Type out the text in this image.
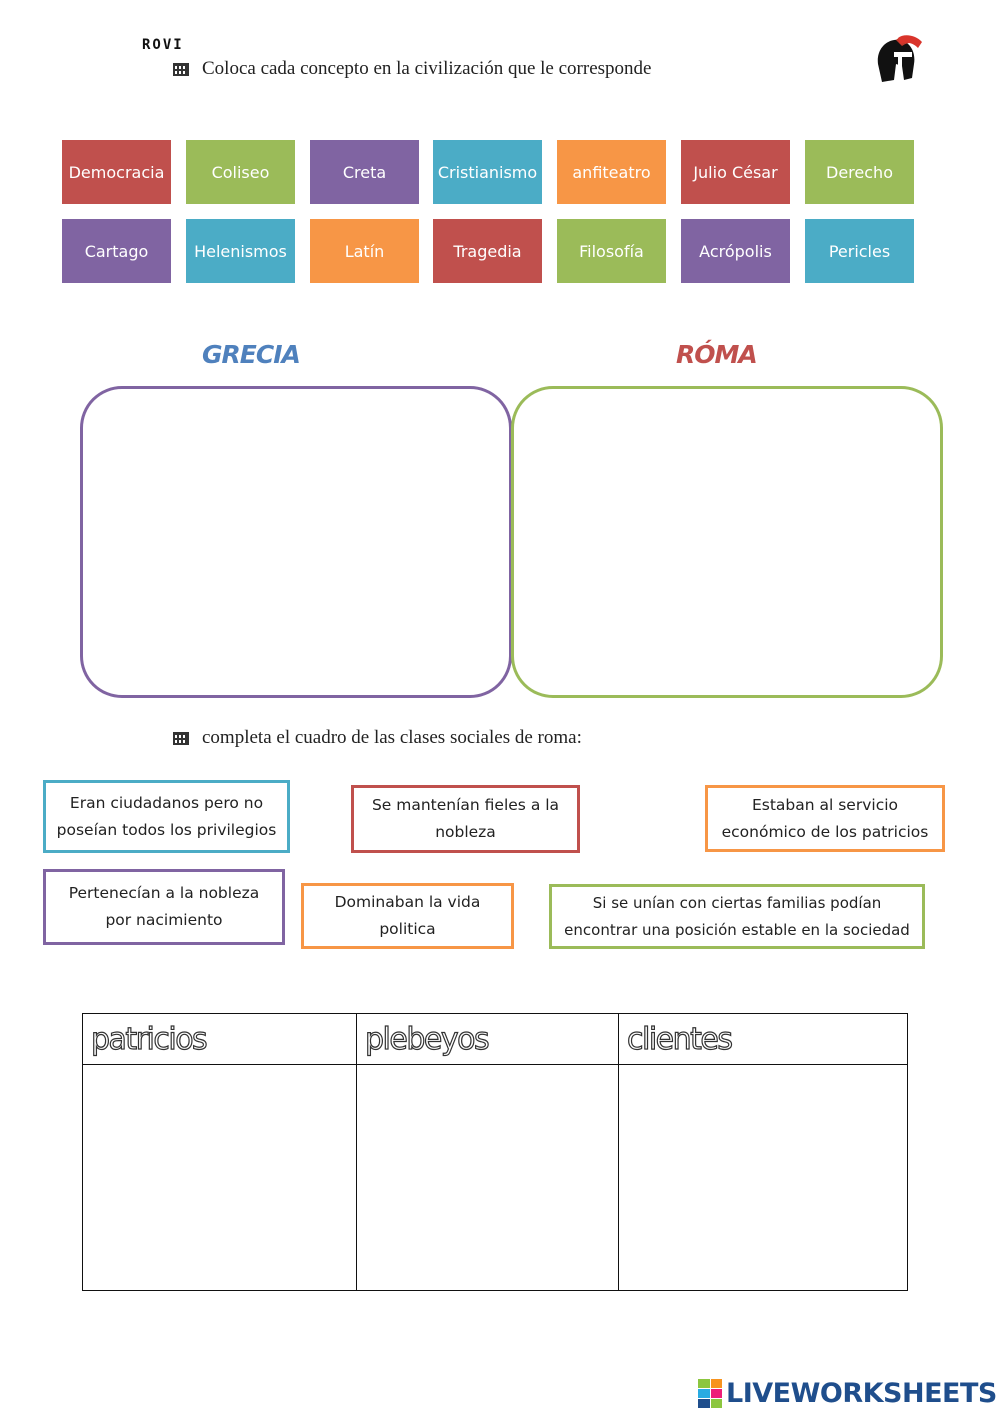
ROVI
Coloca cada concepto en la civilización que le corresponde
Democracia	Coliseo	Creta	Cristianismo	anfiteatro	Julio César	Derecho
Cartago	Helenismos	Latín	Tragedia	Filosofía	Acrópolis	Pericles
GRECIA	RÓMA
completa el cuadro de las clases sociales de roma:
Eran ciudadanos pero no poseían todos los privilegios
Se mantenían fieles a la nobleza
Estaban al servicio económico de los patricios
Pertenecían a la nobleza por nacimiento
Dominaban la vida politica
Si se unían con ciertas familias podían encontrar una posición estable en la sociedad
patricios	plebeyos	clientes

LIVEWORKSHEETS
